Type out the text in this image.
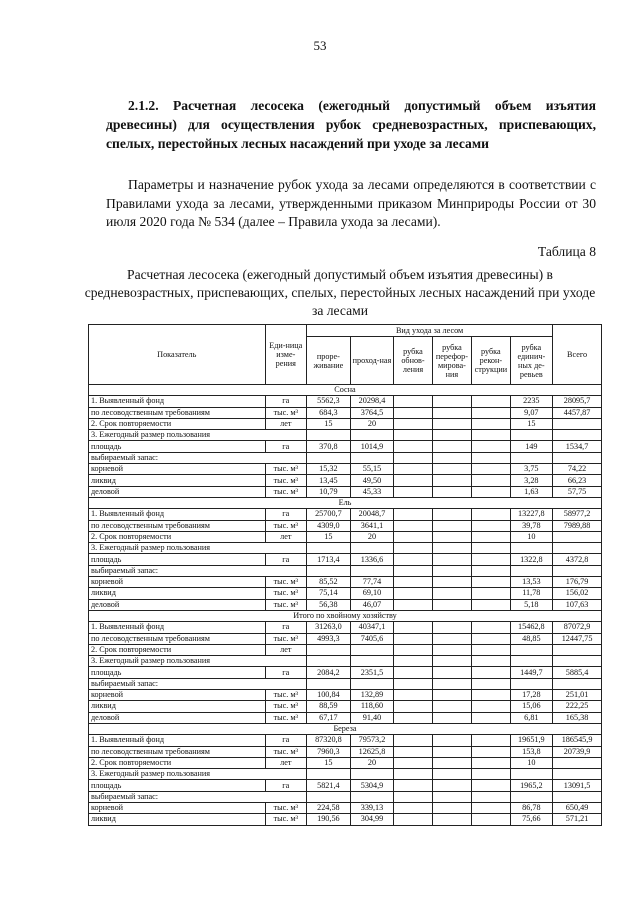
53
2.1.2. Расчетная лесосека (ежегодный допустимый объем изъятия древесины) для осуществления рубок средневозрастных, приспевающих, спелых, перестойных лесных насаждений при уходе за лесами
Параметры и назначение рубок ухода за лесами определяются в соответствии с Правилами ухода за лесами, утвержденными приказом Минприроды России от 30 июля 2020 года № 534 (далее – Правила ухода за лесами).
Таблица 8
Расчетная лесосека (ежегодный допустимый объем изъятия древесины) в средневозрастных, приспевающих, спелых, перестойных лесных насаждений при уходе за лесами
Показатель	Еди-ница изме-рения	Вид ухода за лесом						Всего
		проре-живание	проход-ная	рубка обнов-ления	рубка перефор-мирова-ния	рубка рекон-струкции	рубка единич-ных де-ревьев	
Сосна								
1. Выявленный фонд	га	5562,3	20298,4				2235	28095,7
по лесоводственным требованиям	тыс. м³	684,3	3764,5				9,07	4457,87
2. Срок повторяемости	лет	15	20				15	
3. Ежегодный размер пользования								
площадь	га	370,8	1014,9				149	1534,7
выбираемый запас:								
корневой	тыс. м³	15,32	55,15				3,75	74,22
ликвид	тыс. м³	13,45	49,50				3,28	66,23
деловой	тыс. м³	10,79	45,33				1,63	57,75
Ель								
1. Выявленный фонд	га	25700,7	20048,7				13227,8	58977,2
по лесоводственным требованиям	тыс. м³	4309,0	3641,1				39,78	7989,88
2. Срок повторяемости	лет	15	20				10	
3. Ежегодный размер пользования								
площадь	га	1713,4	1336,6				1322,8	4372,8
выбираемый запас:								
корневой	тыс. м³	85,52	77,74				13,53	176,79
ликвид	тыс. м³	75,14	69,10				11,78	156,02
деловой	тыс. м³	56,38	46,07				5,18	107,63
Итого по хвойному хозяйству								
1. Выявленный фонд	га	31263,0	40347,1				15462,8	87072,9
по лесоводственным требованиям	тыс. м³	4993,3	7405,6				48,85	12447,75
2. Срок повторяемости	лет							
3. Ежегодный размер пользования								
площадь	га	2084,2	2351,5				1449,7	5885,4
выбираемый запас:								
корневой	тыс. м³	100,84	132,89				17,28	251,01
ликвид	тыс. м³	88,59	118,60				15,06	222,25
деловой	тыс. м³	67,17	91,40				6,81	165,38
Береза								
1. Выявленный фонд	га	87320,8	79573,2				19651,9	186545,9
по лесоводственным требованиям	тыс. м³	7960,3	12625,8				153,8	20739,9
2. Срок повторяемости	лет	15	20				10	
3. Ежегодный размер пользования								
площадь	га	5821,4	5304,9				1965,2	13091,5
выбираемый запас:								
корневой	тыс. м³	224,58	339,13				86,78	650,49
ликвид	тыс. м³	190,56	304,99				75,66	571,21
